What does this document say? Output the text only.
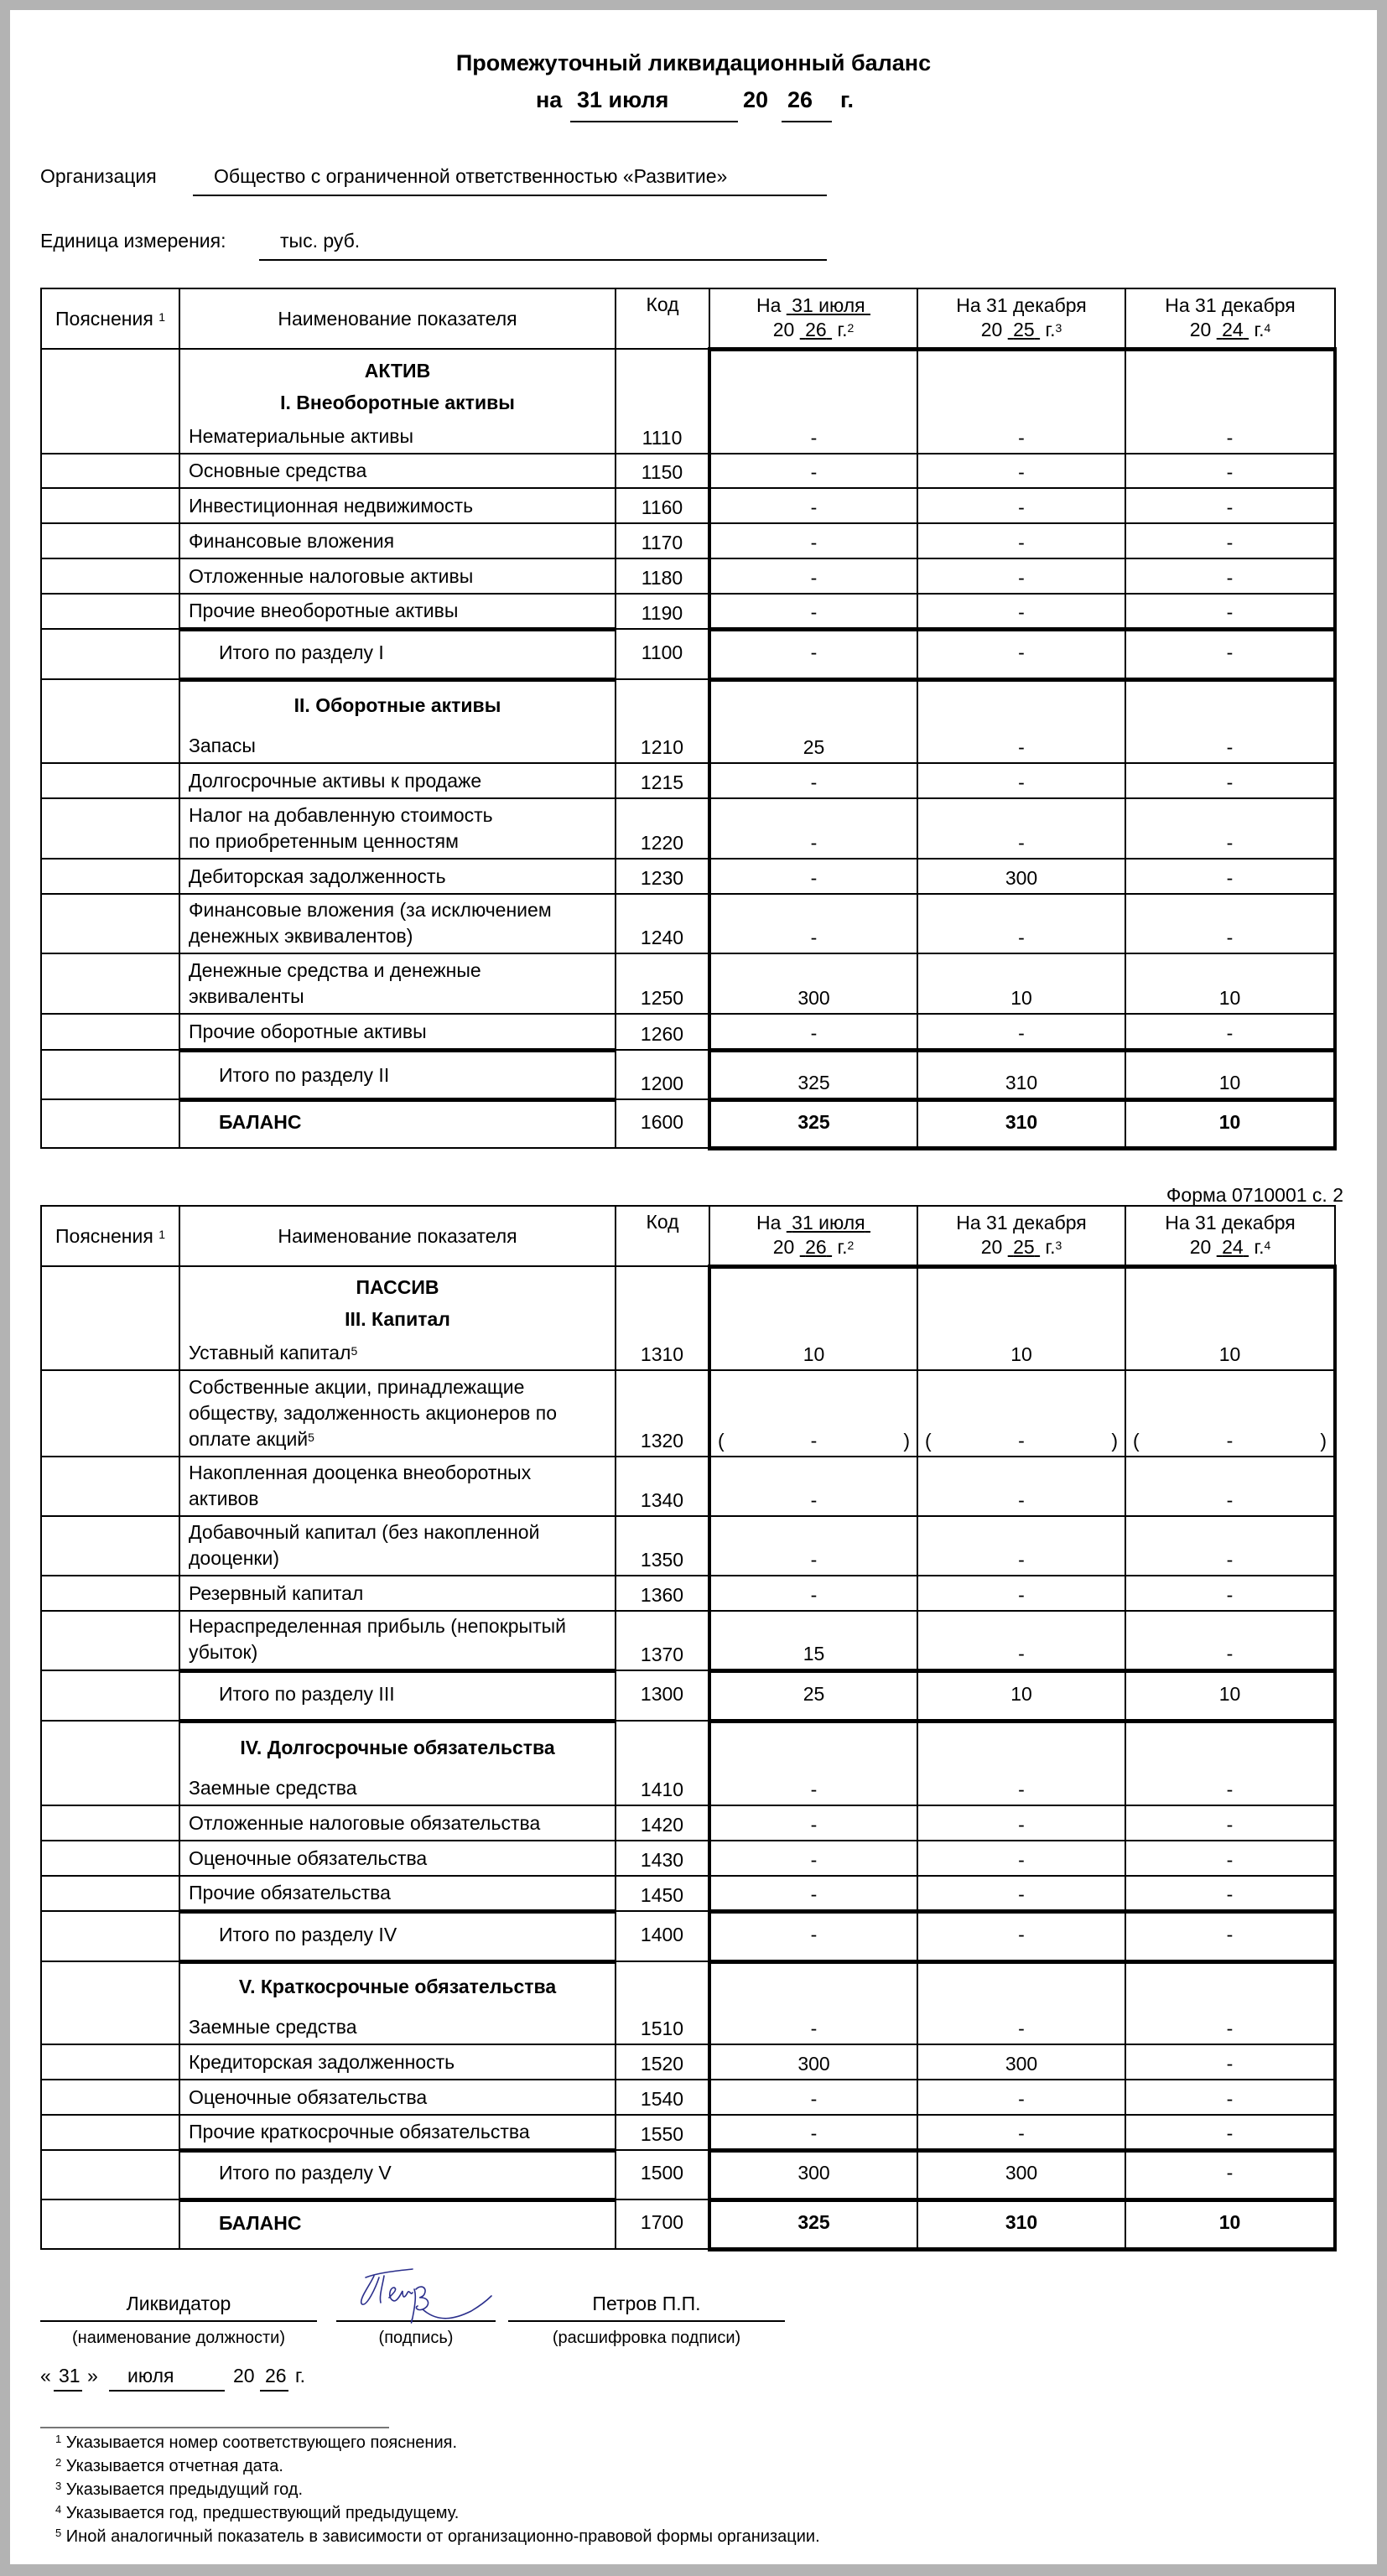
Промежуточный ликвидационный баланс
на 31 июля	20 26 г.
Организация	Общество с ограниченной ответственностью «Развитие»
Единица измерения:	тыс. руб.
Пояснения $^1$	Наименование показателя	Код	На 31 июля
20 26 г.$^2$	На 31 декабря
20 25 г.$^3$	На 31 декабря
20 24 г.$^4$

	АКТИВ
I. Внеоборотные активы
Нематериальные активы	1110	-	-	-
	Основные средства	1150	-	-	-
	Инвестиционная недвижимость	1160	-	-	-
	Финансовые вложения	1170	-	-	-
	Отложенные налоговые активы	1180	-	-	-
	Прочие внеоборотные активы	1190	-	-	-
	Итого по разделу I	1100	-	-	-

	II. Оборотные активы
Запасы	1210	25	-	-
	Долгосрочные активы к продаже	1215	-	-	-
	Налог на добавленную стоимость
по приобретенным ценностям	1220	-	-	-
	Дебиторская задолженность	1230	-	300	-
	Финансовые вложения (за исключением
денежных эквивалентов)	1240	-	-	-
	Денежные средства и денежные
эквиваленты	1250	300	10	10
	Прочие оборотные активы	1260	-	-	-
	Итого по разделу II	1200	325	310	10
	БАЛАНС	1600	325	310	10
Форма 0710001 с. 2
Пояснения $^1$	Наименование показателя	Код	На 31 июля
20 26 г.$^2$	На 31 декабря
20 25 г.$^3$	На 31 декабря
20 24 г.$^4$

	ПАССИВ
III. Капитал
Уставный капитал$^5$	1310	10	10	10
	Собственные акции, принадлежащие
обществу, задолженность акционеров по
оплате акций$^5$	1320	( - )	( - )	( - )

	Накопленная дооценка внеоборотных
активов	1340	-	-	-
	Добавочный капитал (без накопленной
дооценки)	1350	-	-	-
	Резервный капитал	1360	-	-	-
	Нераспределенная прибыль (непокрытый
убыток)	1370	15	-	-
	Итого по разделу III	1300	25	10	10

	IV. Долгосрочные обязательства
Заемные средства	1410	-	-	-
	Отложенные налоговые обязательства	1420	-	-	-
	Оценочные обязательства	1430	-	-	-
	Прочие обязательства	1450	-	-	-
	Итого по разделу IV	1400	-	-	-

	V. Краткосрочные обязательства
Заемные средства	1510	-	-	-
	Кредиторская задолженность	1520	300	300	-
	Оценочные обязательства	1540	-	-	-
	Прочие краткосрочные обязательства	1550	-	-	-
	Итого по разделу V	1500	300	300	-
	БАЛАНС	1700	325	310	10
Ликвидатор
(наименование должности)	(подпись)
Петров П.П.
(расшифровка подписи)
« 31 » июля	20 26 г.
$^1$ Указывается номер соответствующего пояснения.
$^2$ Указывается отчетная дата.
$^3$ Указывается предыдущий год.
$^4$ Указывается год, предшествующий предыдущему.
$^5$ Иной аналогичный показатель в зависимости от организационно-правовой формы организации.
